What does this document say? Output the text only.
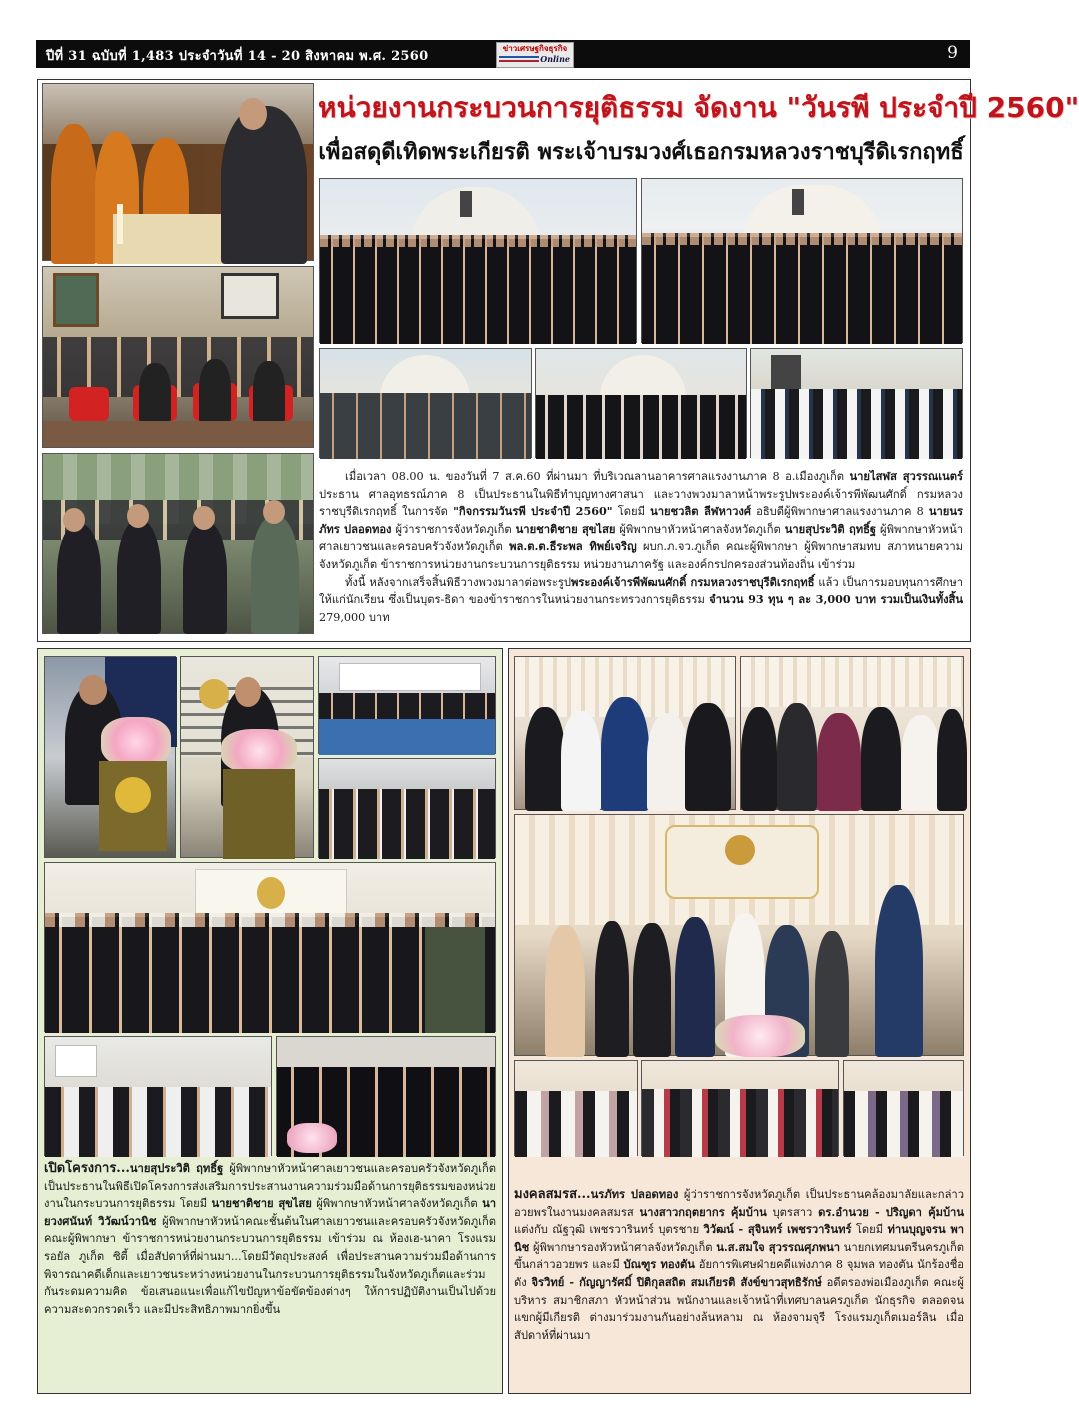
ปีที่ 31 ฉบับที่ 1,483 ประจำวันที่ 14 - 20 สิงหาคม พ.ศ. 2560
ข่าวเศรษฐกิจธุรกิจ
Online	9
หน่วยงานกระบวนการยุติธรรม จัดงาน "วันรพี ประจำปี 2560"
เพื่อสดุดีเทิดพระเกียรติ พระเจ้าบรมวงศ์เธอกรมหลวงราชบุรีดิเรกฤทธิ์

เมื่อเวลา 08.00 น. ของวันที่ 7 ส.ค.60 ที่ผ่านมา ที่บริเวณลานอาคารศาลแรงงานภาค 8 อ.เมืองภูเก็ต นายไสฬส สุวรรณเนตร์ ประธาน ศาลอุทธรณ์ภาค 8 เป็นประธานในพิธีทำบุญทางศาสนา และวางพวงมาลาหน้าพระรูปพระองค์เจ้ารพีพัฒนศักดิ์ กรมหลวงราชบุรีดิเรกฤทธิ์ ในการจัด "กิจกรรมวันรพี ประจำปี 2560" โดยมี นายชวลิต ลีฬหาวงศ์ อธิบดีผู้พิพากษาศาลแรงงานภาค 8 นายนรภัทร ปลอดทอง ผู้ว่าราชการจังหวัดภูเก็ต นายชาติชาย สุขไสย ผู้พิพากษาหัวหน้าศาลจังหวัดภูเก็ต นายสุประวิติ ฤทธิ์ฐ ผู้พิพากษาหัวหน้าศาลเยาวชนและครอบครัวจังหวัดภูเก็ต พล.ต.ต.ธีระพล ทิพย์เจริญ ผบก.ภ.จว.ภูเก็ต คณะผู้พิพากษา ผู้พิพากษาสมทบ สภาทนายความจังหวัดภูเก็ต ข้าราชการหน่วยงานกระบวนการยุติธรรม หน่วยงานภาครัฐ และองค์กรปกครองส่วนท้องถิ่น เข้าร่วม

ทั้งนี้ หลังจากเสร็จสิ้นพิธีวางพวงมาลาต่อพระรูปพระองค์เจ้ารพีพัฒนศักดิ์ กรมหลวงราชบุรีดิเรกฤทธิ์ แล้ว เป็นการมอบทุนการศึกษาให้แก่นักเรียน ซึ่งเป็นบุตร-ธิดา ของข้าราชการในหน่วยงานกระทรวงการยุติธรรม จำนวน 93 ทุน ๆ ละ 3,000 บาท รวมเป็นเงินทั้งสิ้น 279,000 บาท

เปิดโครงการ...นายสุประวิติ ฤทธิ์ฐ ผู้พิพากษาหัวหน้าศาลเยาวชนและครอบครัวจังหวัดภูเก็ต เป็นประธานในพิธีเปิดโครงการส่งเสริมการประสานงานความร่วมมือด้านการยุติธรรมของหน่วยงานในกระบวนการยุติธรรม โดยมี นายชาติชาย สุขไสย ผู้พิพากษาหัวหน้าศาลจังหวัดภูเก็ต นายวงศนันท์ วิวัฒน์วานิช ผู้พิพากษาหัวหน้าคณะชั้นต้นในศาลเยาวชนและครอบครัวจังหวัดภูเก็ต คณะผู้พิพากษา ข้าราชการหน่วยงานกระบวนการยุติธรรม เข้าร่วม ณ ห้องเฮ-นาคา โรงแรมรอยัล ภูเก็ต ซิตี้ เมื่อสัปดาห์ที่ผ่านมา...โดยมีวัตถุประสงค์ เพื่อประสานความร่วมมือด้านการพิจารณาคดีเด็กและเยาวชนระหว่างหน่วยงานในกระบวนการยุติธรรมในจังหวัดภูเก็ตและร่วมกันระดมความคิด ข้อเสนอแนะเพื่อแก้ไขปัญหาข้อขัดข้องต่างๆ ให้การปฏิบัติงานเป็นไปด้วยความสะดวกรวดเร็ว และมีประสิทธิภาพมากยิ่งขึ้น

มงคลสมรส...นรภัทร ปลอดทอง ผู้ว่าราชการจังหวัดภูเก็ต เป็นประธานคล้องมาลัยและกล่าวอวยพรในงานมงคลสมรส นางสาวกฤตยากร คุ้มบ้าน บุตรสาว ดร.อำนวย - ปริญดา คุ้มบ้าน แต่งกับ ณัฐวุฒิ เพชรวารินทร์ บุตรชาย วิวัฒน์ - สุจินทร์ เพชรวารินทร์ โดยมี ท่านบุญจรน พานิช ผู้พิพากษารองหัวหน้าศาลจังหวัดภูเก็ต น.ส.สมใจ สุวรรณศุภพนา นายกเทศมนตรีนครภูเก็ต ขึ้นกล่าวอวยพร และมี บัณฑูร ทองตัน อัยการพิเศษฝ่ายคดีแพ่งภาค 8 จุมพล ทองตัน นักร้องชื่อดัง จิรวิทย์ - กัญญารัศมิ์ ปิติกุลสถิต สมเกียรติ สังข์ขาวสุทธิรักษ์ อดีตรองพ่อเมืองภูเก็ต คณะผู้บริหาร สมาชิกสภา หัวหน้าส่วน พนักงานและเจ้าหน้าที่เทศบาลนครภูเก็ต นักธุรกิจ ตลอดจนแขกผู้มีเกียรติ ต่างมาร่วมงานกันอย่างล้นหลาม ณ ห้องจามจุรี โรงแรมภูเก็ตเมอร์ลิน เมื่อสัปดาห์ที่ผ่านมา
